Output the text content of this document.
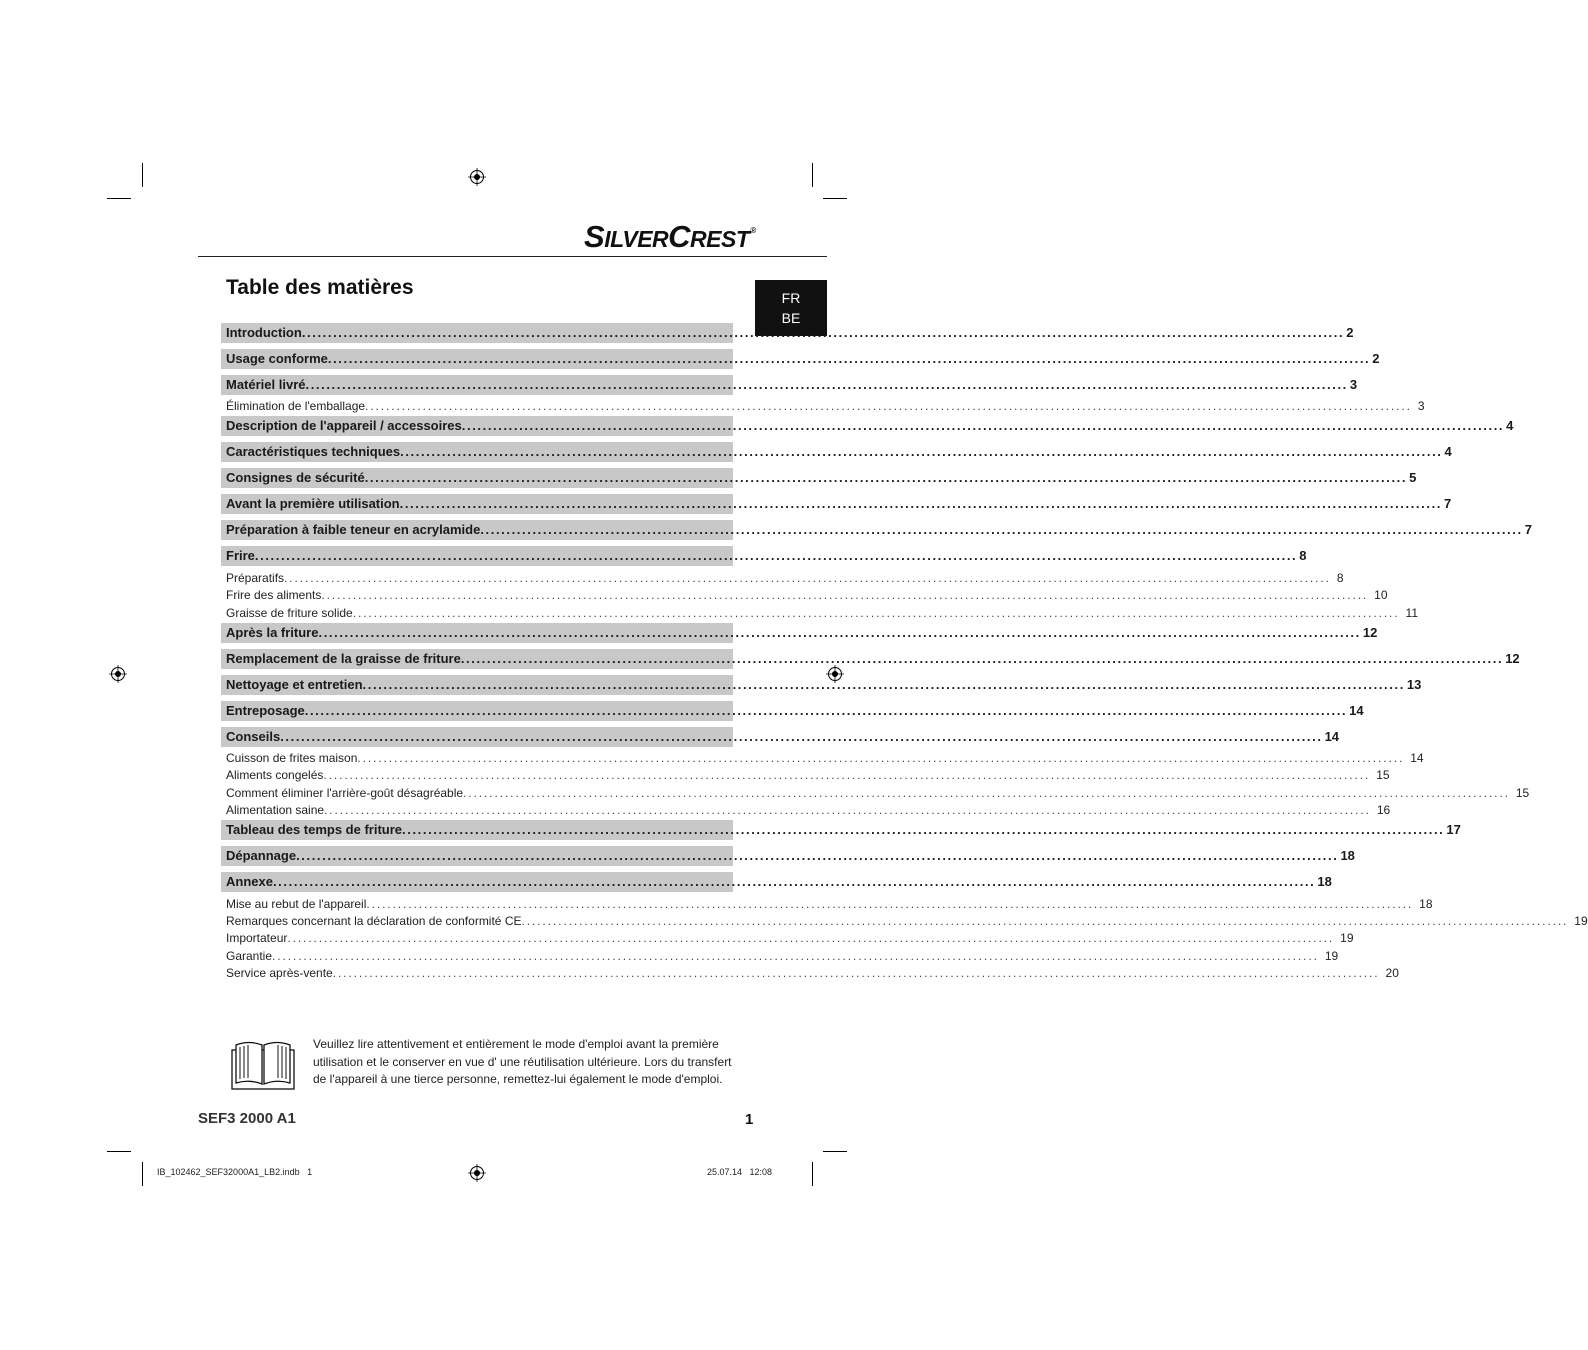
SILVERCREST®
Table des matières	FR
BE
Introduction ........................................................................................................................................................................................................ 2
Usage conforme ........................................................................................................................................................................................................ 2
Matériel livré ........................................................................................................................................................................................................ 3
Élimination de l'emballage ........................................................................................................................................................................................................ 3
Description de l'appareil / accessoires ........................................................................................................................................................................................................ 4
Caractéristiques techniques ........................................................................................................................................................................................................ 4
Consignes de sécurité ........................................................................................................................................................................................................ 5
Avant la première utilisation ........................................................................................................................................................................................................ 7
Préparation à faible teneur en acrylamide ........................................................................................................................................................................................................ 7
Frire ........................................................................................................................................................................................................ 8
Préparatifs ........................................................................................................................................................................................................ 8
Frire des aliments ........................................................................................................................................................................................................ 10
Graisse de friture solide ........................................................................................................................................................................................................ 11
Après la friture ........................................................................................................................................................................................................ 12
Remplacement de la graisse de friture ........................................................................................................................................................................................................ 12
Nettoyage et entretien ........................................................................................................................................................................................................ 13
Entreposage ........................................................................................................................................................................................................ 14
Conseils ........................................................................................................................................................................................................ 14
Cuisson de frites maison ........................................................................................................................................................................................................ 14
Aliments congelés ........................................................................................................................................................................................................ 15
Comment éliminer l'arrière-goût désagréable ........................................................................................................................................................................................................ 15
Alimentation saine ........................................................................................................................................................................................................ 16
Tableau des temps de friture ........................................................................................................................................................................................................ 17
Dépannage ........................................................................................................................................................................................................ 18
Annexe ........................................................................................................................................................................................................ 18
Mise au rebut de l'appareil ........................................................................................................................................................................................................ 18
Remarques concernant la déclaration de conformité CE ........................................................................................................................................................................................................ 19
Importateur ........................................................................................................................................................................................................ 19
Garantie ........................................................................................................................................................................................................ 19
Service après-vente ........................................................................................................................................................................................................ 20
Veuillez lire attentivement et entièrement le mode d'emploi avant la première
utilisation et le conserver en vue d' une réutilisation ultérieure. Lors du transfert
de l'appareil à une tierce personne, remettez-lui également le mode d'emploi.
SEF3 2000 A1	1
IB_102462_SEF32000A1_LB2.indb   1	25.07.14   12:08
